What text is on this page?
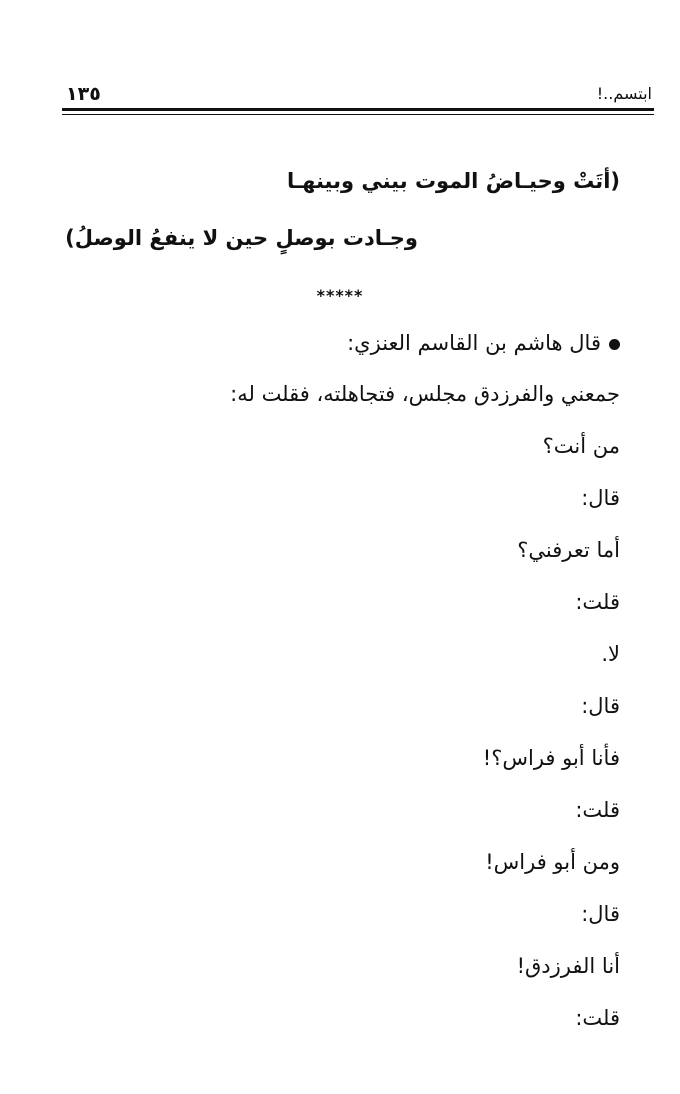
١٣٥	ابتسم..!
(أتَتْ وحيـاضُ الموت بيني وبينهـا
وجـادت بوصلٍ حين لا ينفعُ الوصلُ)
*****
قال هاشم بن القاسم العنزي:
جمعني والفرزدق مجلس، فتجاهلته، فقلت له:
من أنت؟
قال:
أما تعرفني؟
قلت:
لا.
قال:
فأنا أبو فراس؟!
قلت:
ومن أبو فراس!
قال:
أنا الفرزدق!
قلت:
